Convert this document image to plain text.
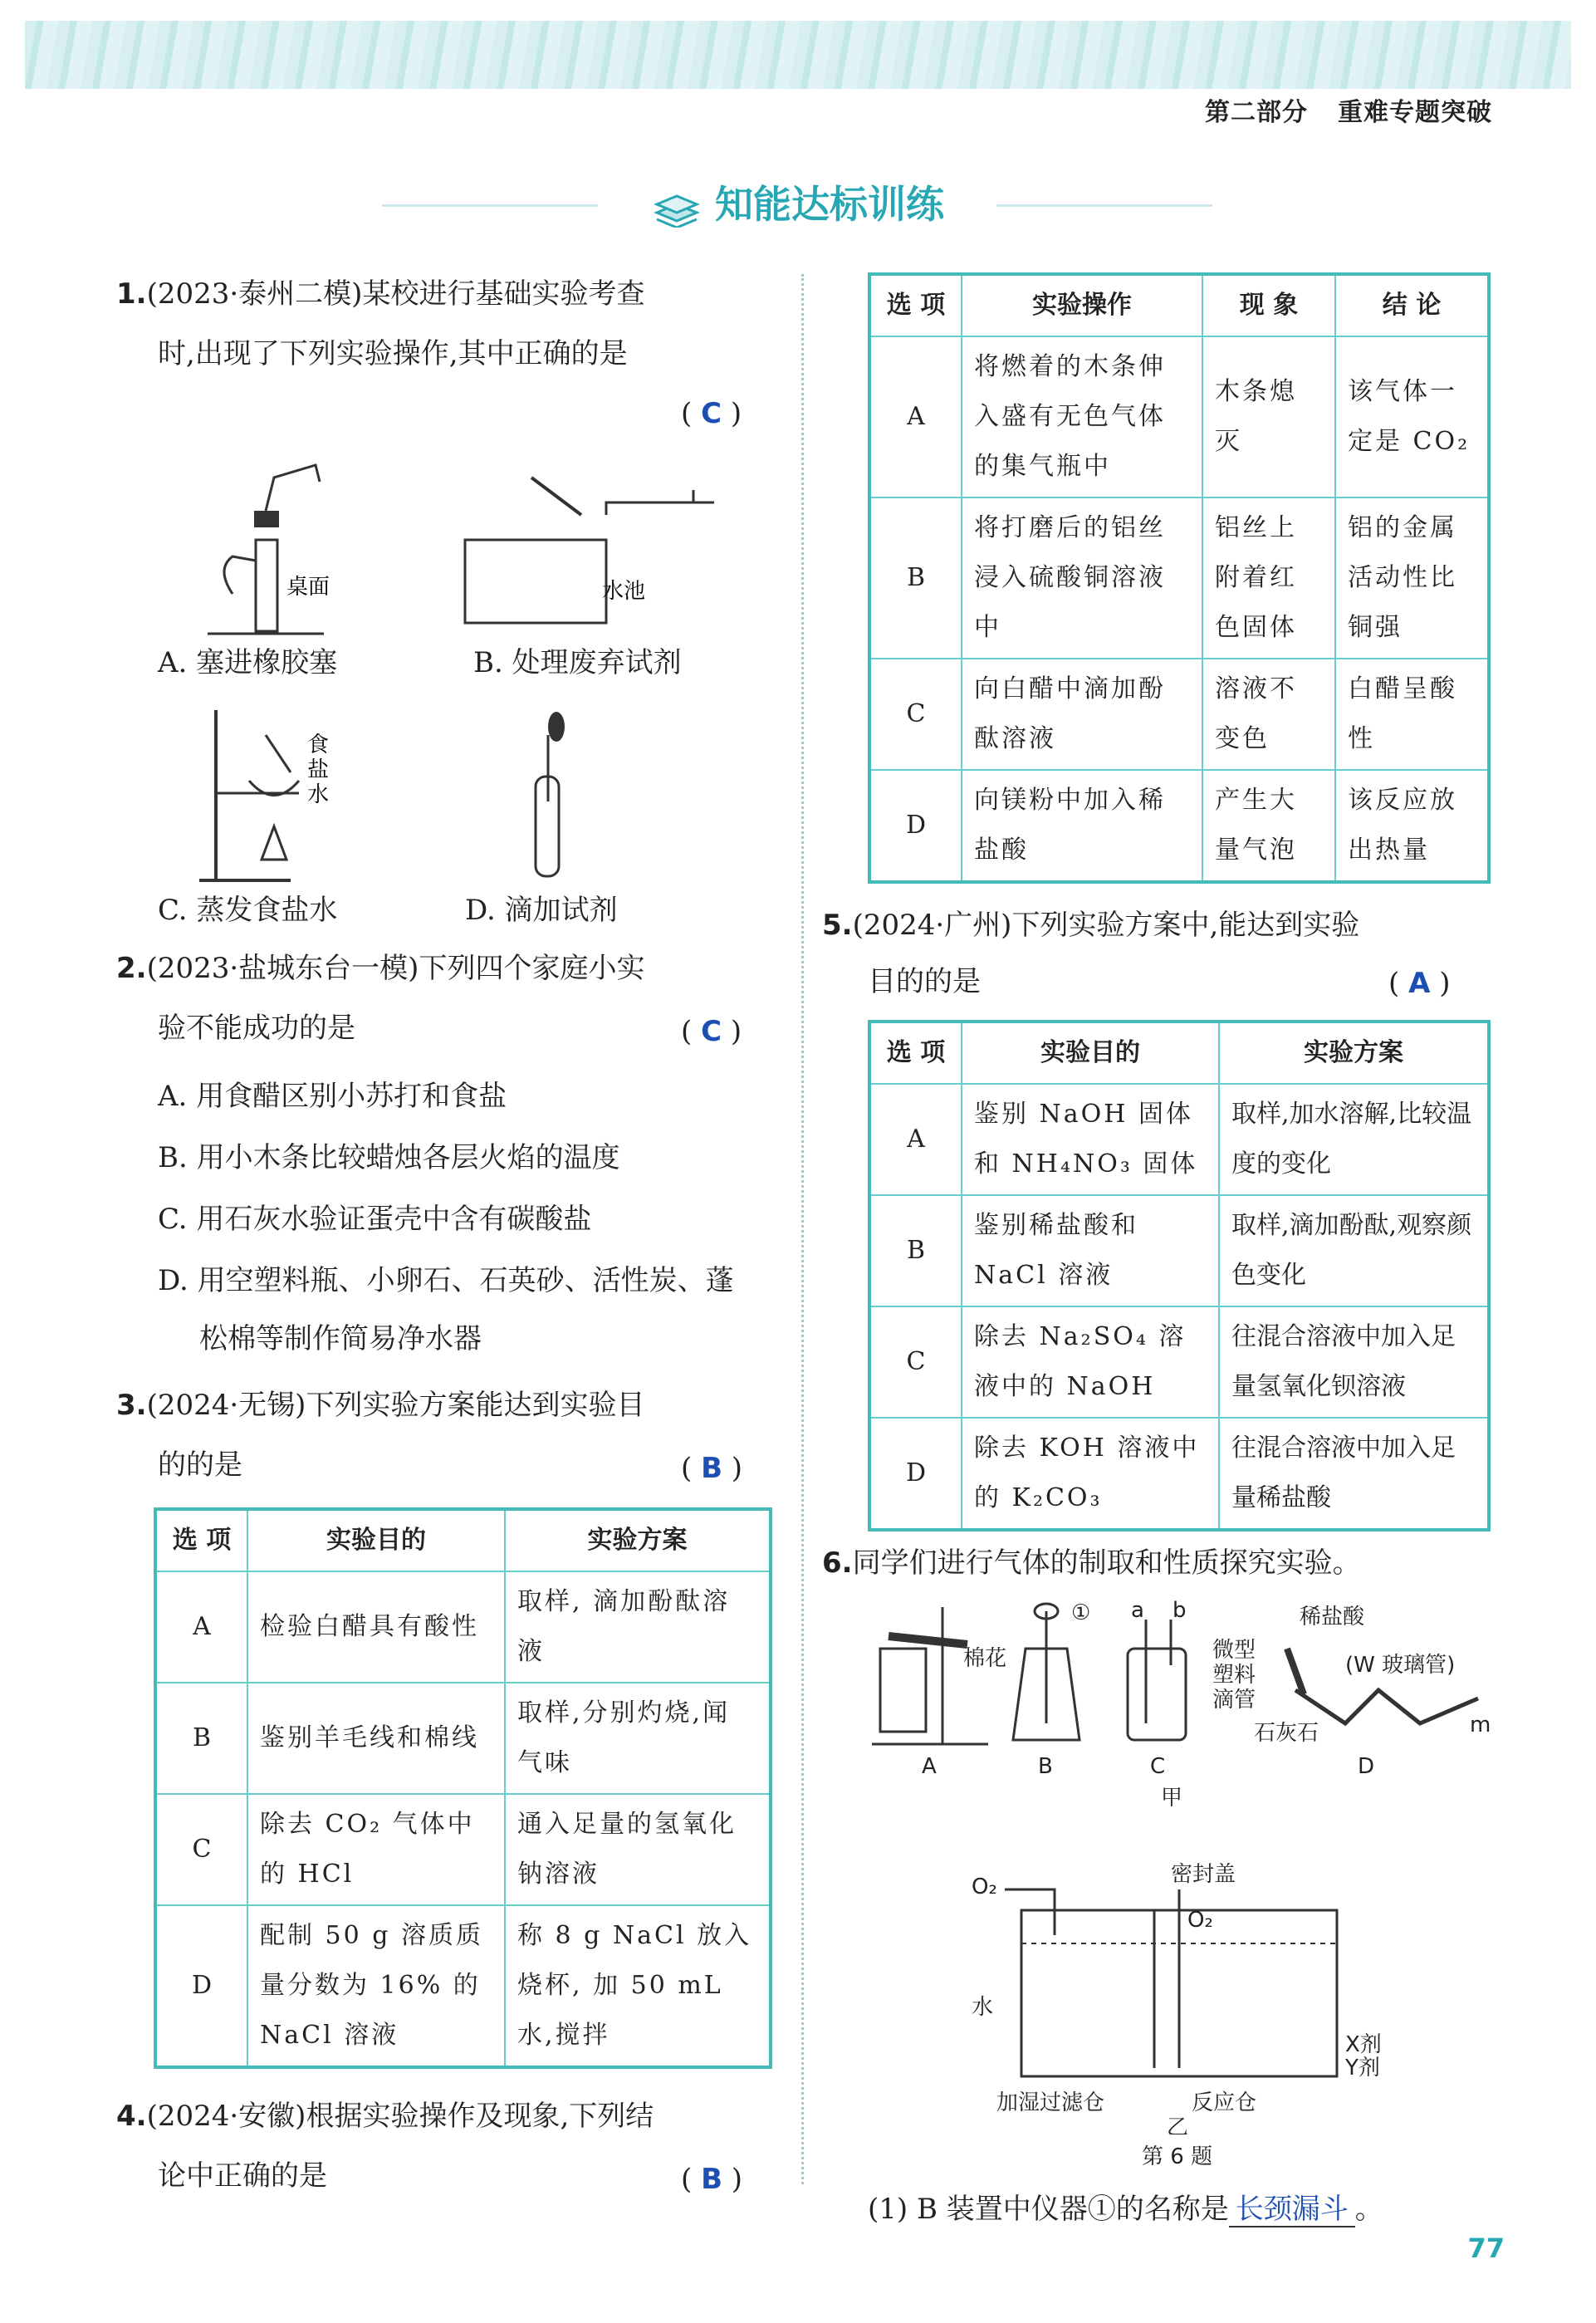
第二部分 重难专题突破
知能达标训练
1.(2023·泰州二模)某校进行基础实验考查
时,出现了下列实验操作,其中正确的是
( C )
桌面	水池
A. 塞进橡胶塞	B. 处理废弃试剂
食
盐
水
C. 蒸发食盐水	D. 滴加试剂
2.(2023·盐城东台一模)下列四个家庭小实
验不能成功的是	( C )
A. 用食醋区别小苏打和食盐
B. 用小木条比较蜡烛各层火焰的温度
C. 用石灰水验证蛋壳中含有碳酸盐
D. 用空塑料瓶、小卵石、石英砂、活性炭、蓬
松棉等制作简易净水器
3.(2024·无锡)下列实验方案能达到实验目
的的是	( B )
选 项	实验目的	实验方案
A	检验白醋具有酸性	取样, 滴加酚酞溶液
B	鉴别羊毛线和棉线	取样,分别灼烧,闻气味
C	除去 CO₂ 气体中的 HCl	通入足量的氢氧化钠溶液
D	配制 50 g 溶质质量分数为 16% 的 NaCl 溶液	称 8 g NaCl 放入烧杯, 加 50 mL 水,搅拌
4.(2024·安徽)根据实验操作及现象,下列结
论中正确的是	( B )
选 项	实验操作	现 象	结 论
A	将燃着的木条伸入盛有无色气体的集气瓶中	木条熄灭	该气体一定是 CO₂
B	将打磨后的铝丝浸入硫酸铜溶液中	铝丝上附着红色固体	铝的金属活动性比铜强
C	向白醋中滴加酚酞溶液	溶液不变色	白醋呈酸性
D	向镁粉中加入稀盐酸	产生大量气泡	该反应放出热量
5.(2024·广州)下列实验方案中,能达到实验
目的的是	( A )
选 项	实验目的	实验方案
A	鉴别 NaOH 固体和 NH₄NO₃ 固体	取样,加水溶解,比较温度的变化
B	鉴别稀盐酸和 NaCl 溶液	取样,滴加酚酞,观察颜色变化
C	除去 Na₂SO₄ 溶液中的 NaOH	往混合溶液中加入足量氢氧化钡溶液
D	除去 KOH 溶液中的 K₂CO₃	往混合溶液中加入足量稀盐酸
6.同学们进行气体的制取和性质探究实验。
棉花
① a b	稀盐酸
微型
塑料
滴管
(W 玻璃管)
石灰石	m
A	B	C	D
甲
O₂	密封盖
O₂
水
X剂
Y剂
加湿过滤仓	反应仓
乙
第 6 题
(1) B 装置中仪器①的名称是 长颈漏斗 。
77
